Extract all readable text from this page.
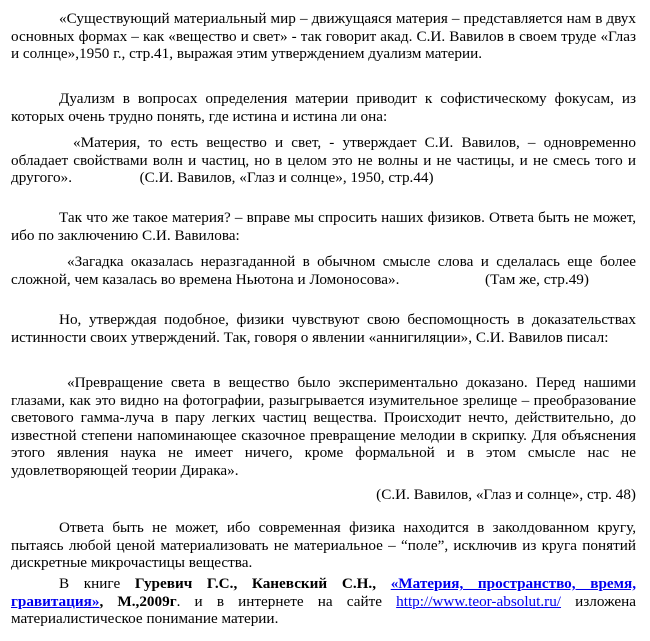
«Существующий материальный мир – движущаяся материя – представляется нам в двух основных формах – как «вещество и свет» - так говорит акад. С.И. Вавилов в своем труде «Глаз и солнце»,1950 г., стр.41, выражая этим утверждением дуализм материи.

Дуализм в вопросах определения материи приводит к софистическому фокусам, из которых очень трудно понять, где истина и истина ли она:

«Материя, то есть вещество и свет, - утверждает С.И. Вавилов, – одновременно обладает свойствами волн и частиц, но в целом это не волны и не частицы, и не смесь того и другого».	(С.И. Вавилов, «Глаз и солнце», 1950, стр.44)

Так что же такое материя? – вправе мы спросить наших физиков. Ответа быть не может, ибо по заключению С.И. Вавилова:

«Загадка оказалась неразгаданной в обычном смысле слова и сделалась еще более сложной, чем казалась во времена Ньютона и Ломоносова».	(Там же, стр.49)

Но, утверждая подобное, физики чувствуют свою беспомощность в доказательствах истинности своих утверждений. Так, говоря о явлении «аннигиляции», С.И. Вавилов писал:

«Превращение света в вещество было экспериментально доказано. Перед нашими глазами, как это видно на фотографии, разыгрывается изумительное зрелище – преобразование светового гамма-луча в пару легких частиц вещества. Происходит нечто, действительно, до известной степени напоминающее сказочное превращение мелодии в скрипку. Для объяснения этого явления наука не имеет ничего, кроме формальной и в этом смысле нас не удовлетворяющей теории Дирака».

(С.И. Вавилов, «Глаз и солнце», стр. 48)

Ответа быть не может, ибо современная физика находится в заколдованном кругу, пытаясь любой ценой материализовать не материальное – “поле”, исключив из круга понятий дискретные микрочастицы вещества.

В книге Гуревич Г.С., Каневский С.Н., «Материя, пространство, время, гравитация», М.,2009г. и в интернете на сайте http://www.teor-absolut.ru/ изложена материалистическое понимание материи.
